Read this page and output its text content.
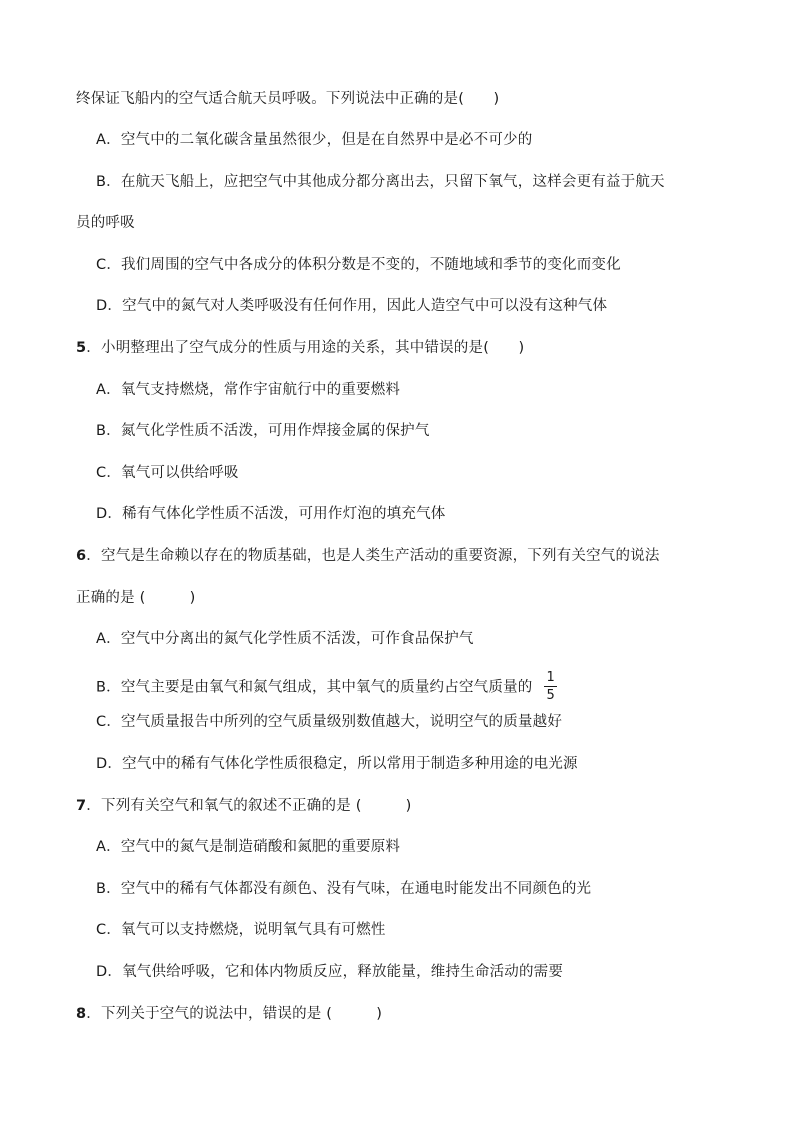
终保证飞船内的空气适合航天员呼吸。下列说法中正确的是(　　)
A．空气中的二氧化碳含量虽然很少，但是在自然界中是必不可少的
B．在航天飞船上，应把空气中其他成分都分离出去，只留下氧气，这样会更有益于航天
员的呼吸
C．我们周围的空气中各成分的体积分数是不变的，不随地域和季节的变化而变化
D．空气中的氮气对人类呼吸没有任何作用，因此人造空气中可以没有这种气体
5．小明整理出了空气成分的性质与用途的关系，其中错误的是(　　)
A．氧气支持燃烧，常作宇宙航行中的重要燃料
B．氮气化学性质不活泼，可用作焊接金属的保护气
C．氧气可以供给呼吸
D．稀有气体化学性质不活泼，可用作灯泡的填充气体
6．空气是生命赖以存在的物质基础，也是人类生产活动的重要资源，下列有关空气的说法
正确的是 (　　　)
A．空气中分离出的氮气化学性质不活泼，可作食品保护气
B．空气主要是由氧气和氮气组成，其中氧气的质量约占空气质量的 $\frac{1}{5}$
C．空气质量报告中所列的空气质量级别数值越大，说明空气的质量越好
D．空气中的稀有气体化学性质很稳定，所以常用于制造多种用途的电光源
7．下列有关空气和氧气的叙述不正确的是 (　　　)
A．空气中的氮气是制造硝酸和氮肥的重要原料
B．空气中的稀有气体都没有颜色、没有气味，在通电时能发出不同颜色的光
C．氧气可以支持燃烧，说明氧气具有可燃性
D．氧气供给呼吸，它和体内物质反应，释放能量，维持生命活动的需要
8．下列关于空气的说法中，错误的是 (　　　)
